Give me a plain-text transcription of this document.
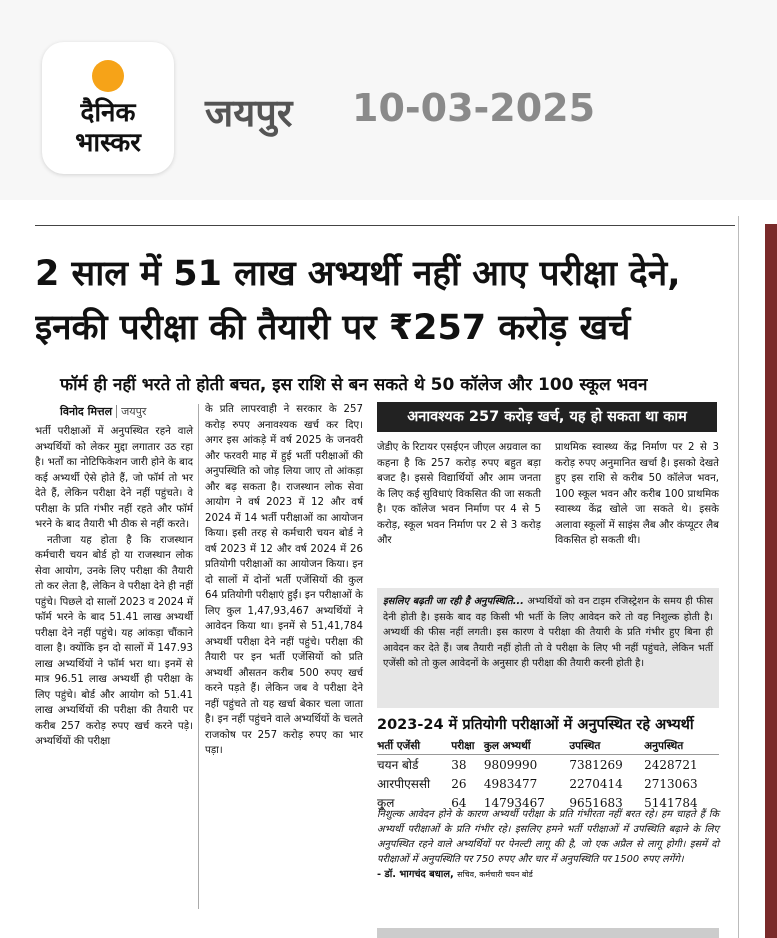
दैनिक
भास्कर
जयपुर 10-03-2025
2 साल में 51 लाख अभ्यर्थी नहीं आए परीक्षा देने,
इनकी परीक्षा की तैयारी पर ₹257 करोड़ खर्च
फॉर्म ही नहीं भरते तो होती बचत, इस राशि से बन सकते थे 50 कॉलेज और 100 स्कूल भवन
विनोद मित्तल जयपुर

भर्ती परीक्षाओं में अनुपस्थित रहने वाले अभ्यर्थियों को लेकर मुद्दा लगातार उठ रहा है। भर्तों का नोटिफिकेशन जारी होने के बाद कई अभ्यर्थी ऐसे होते हैं, जो फॉर्म तो भर देते हैं, लेकिन परीक्षा देने नहीं पहुंचते। वे परीक्षा के प्रति गंभीर नहीं रहते और फॉर्म भरने के बाद तैयारी भी ठीक से नहीं करते।

नतीजा यह होता है कि राजस्थान कर्मचारी चयन बोर्ड हो या राजस्थान लोक सेवा आयोग, उनके लिए परीक्षा की तैयारी तो कर लेता है, लेकिन वे परीक्षा देने ही नहीं पहुंचे। पिछले दो सालों 2023 व 2024 में फॉर्म भरने के बाद 51.41 लाख अभ्यर्थी परीक्षा देने नहीं पहुंचे। यह आंकड़ा चौंकाने वाला है। क्योंकि इन दो सालों में 147.93 लाख अभ्यर्थियों ने फॉर्म भरा था। इनमें से मात्र 96.51 लाख अभ्यर्थी ही परीक्षा के लिए पहुंचे। बोर्ड और आयोग को 51.41 लाख अभ्यर्थियों की परीक्षा की तैयारी पर करीब 257 करोड़ रुपए खर्च करने पड़े। अभ्यर्थियों की परीक्षा

के प्रति लापरवाही ने सरकार के 257 करोड़ रुपए अनावश्यक खर्च कर दिए। अगर इस आंकड़े में वर्ष 2025 के जनवरी और फरवरी माह में हुई भर्ती परीक्षाओं की अनुपस्थिति को जोड़ लिया जाए तो आंकड़ा और बढ़ सकता है। राजस्थान लोक सेवा आयोग ने वर्ष 2023 में 12 और वर्ष 2024 में 14 भर्ती परीक्षाओं का आयोजन किया। इसी तरह से कर्मचारी चयन बोर्ड ने वर्ष 2023 में 12 और वर्ष 2024 में 26 प्रतियोगी परीक्षाओं का आयोजन किया। इन दो सालों में दोनों भर्ती एजेंसियों की कुल 64 प्रतियोगी परीक्षाएं हुईं। इन परीक्षाओं के लिए कुल 1,47,93,467 अभ्यर्थियों ने आवेदन किया था। इनमें से 51,41,784 अभ्यर्थी परीक्षा देने नहीं पहुंचे। परीक्षा की तैयारी पर इन भर्ती एजेंसियों को प्रति अभ्यर्थी औसतन करीब 500 रुपए खर्च करने पड़ते हैं। लेकिन जब वे परीक्षा देने नहीं पहुंचते तो यह खर्चा बेकार चला जाता है। इन नहीं पहुंचने वाले अभ्यर्थियों के चलते राजकोष पर 257 करोड़ रुपए का भार पड़ा।

अनावश्यक 257 करोड़ खर्च, यह हो सकता था काम

जेडीए के रिटायर एसईएन जीएल अग्रवाल का कहना है कि 257 करोड़ रुपए बहुत बड़ा बजट है। इससे विद्यार्थियों और आम जनता के लिए कई सुविधाएं विकसित की जा सकती है। एक कॉलेज भवन निर्माण पर 4 से 5 करोड़, स्कूल भवन निर्माण पर 2 से 3 करोड़ और

प्राथमिक स्वास्थ्य केंद्र निर्माण पर 2 से 3 करोड़ रुपए अनुमानित खर्चा है। इसको देखते हुए इस राशि से करीब 50 कॉलेज भवन, 100 स्कूल भवन और करीब 100 प्राथमिक स्वास्थ्य केंद्र खोले जा सकते थे। इसके अलावा स्कूलों में साइंस लैब और कंप्यूटर लैब विकसित हो सकती थी।

इसलिए बढ़ती जा रही है अनुपस्थिति... अभ्यर्थियों को वन टाइम रजिस्ट्रेशन के समय ही फीस देनी होती है। इसके बाद वह किसी भी भर्ती के लिए आवेदन करे तो वह निशुल्क होती है। अभ्यर्थी की फीस नहीं लगती। इस कारण वे परीक्षा की तैयारी के प्रति गंभीर हुए बिना ही आवेदन कर देते हैं। जब तैयारी नहीं होती तो वे परीक्षा के लिए भी नहीं पहुंचते, लेकिन भर्ती एजेंसी को तो कुल आवेदनों के अनुसार ही परीक्षा की तैयारी करनी होती है।
2023-24 में प्रतियोगी परीक्षाओं में अनुपस्थित रहे अभ्यर्थी
भर्ती एजेंसी	परीक्षा	कुल अभ्यर्थी	उपस्थित	अनुपस्थित
चयन बोर्ड	38	9809990	7381269	2428721
आरपीएससी	26	4983477	2270414	2713063
कुल	64	14793467	9651683	5141784
निशुल्क आवेदन होने के कारण अभ्यर्थी परीक्षा के प्रति गंभीरता नहीं बरत रहे। हम चाहते हैं कि अभ्यर्थी परीक्षाओं के प्रति गंभीर रहे। इसलिए हमने भर्ती परीक्षाओं में उपस्थिति बढ़ाने के लिए अनुपस्थित रहने वाले अभ्यर्थियों पर पेनल्टी लागू की है, जो एक अप्रैल से लागू होगी। इसमें दो परीक्षाओं में अनुपस्थिति पर 750 रुपए और चार में अनुपस्थिति पर 1500 रुपए लगेंगे।
- डॉ. भागचंद बधाल, सचिव, कर्मचारी चयन बोर्ड
